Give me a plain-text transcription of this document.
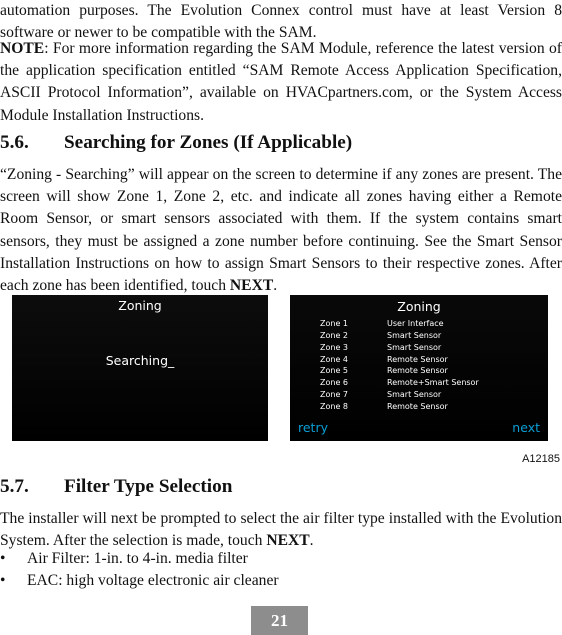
automation purposes. The Evolution Connex control must have at least Version 8 software or newer to be compatible with the SAM.
NOTE: For more information regarding the SAM Module, reference the latest version of the application specification entitled “SAM Remote Access Application Specification, ASCII Protocol Information”, available on HVACpartners.com, or the System Access Module Installation Instructions.
5.6. Searching for Zones (If Applicable)
“Zoning - Searching” will appear on the screen to determine if any zones are present. The screen will show Zone 1, Zone 2, etc. and indicate all zones having either a Remote Room Sensor, or smart sensors associated with them. If the system contains smart sensors, they must be assigned a zone number before continuing. See the Smart Sensor Installation Instructions on how to assign Smart Sensors to their respective zones. After each zone has been identified, touch NEXT.
Zoning
Searching_
Zoning
Zone 1	User Interface
Zone 2	Smart Sensor
Zone 3	Smart Sensor
Zone 4	Remote Sensor
Zone 5	Remote Sensor
Zone 6	Remote+Smart Sensor
Zone 7	Smart Sensor
Zone 8	Remote Sensor
retry	next
A12185
5.7. Filter Type Selection
The installer will next be prompted to select the air filter type installed with the Evolution System. After the selection is made, touch NEXT.
• Air Filter: 1-in. to 4-in. media filter
• EAC: high voltage electronic air cleaner
21
